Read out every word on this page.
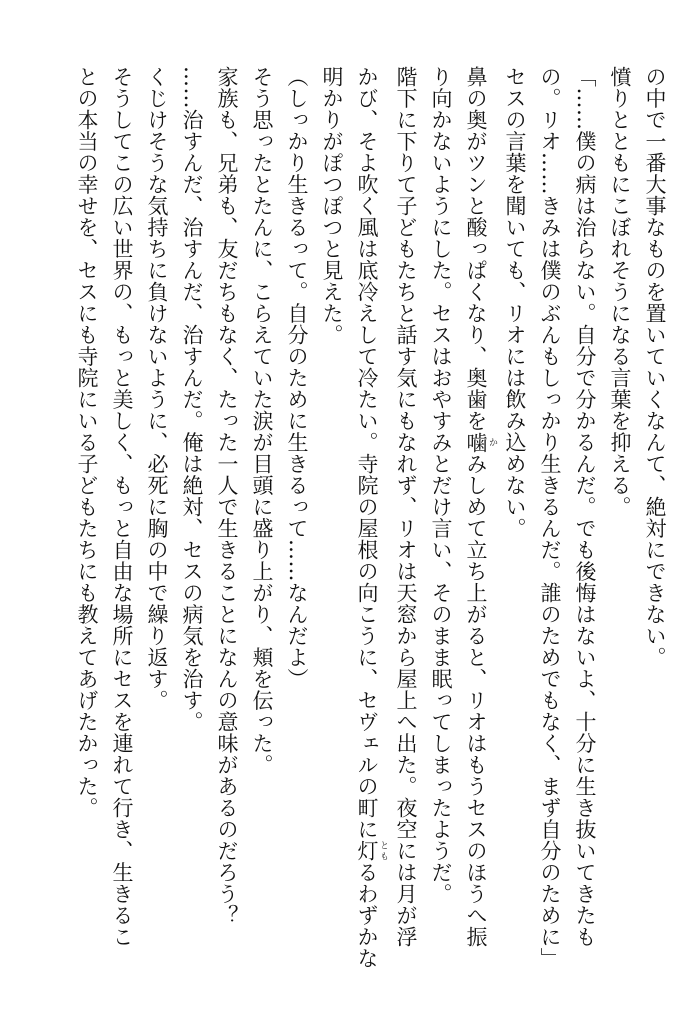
の中で一番大事なものを置いていくなんて、絶対にできない。
憤りとともにこぼれそうになる言葉を抑える。
「……僕の病は治らない。自分で分かるんだ。でも後悔はないよ、十分に生き抜いてきたも
の。リオ……きみは僕のぶんもしっかり生きるんだ。誰のためでもなく、まず自分のために」
セスの言葉を聞いても、リオには飲み込めない。
鼻の奥がツンと酸っぱくなり、奥歯を噛 かみしめて立ち上がると、リオはもうセスのほうへ振
り向かないようにした。セスはおやすみとだけ言い、そのまま眠ってしまったようだ。
階下に下りて子どもたちと話す気にもなれず、リオは天窓から屋上へ出た。夜空には月が浮
かび、そよ吹く風は底冷えして冷たい。寺院の屋根の向こうに、セヴェルの町に灯 ともるわずかな
明かりがぽつぽつと見えた。
（しっかり生きるって。自分のために生きるって……なんだよ）
そう思ったとたんに、こらえていた涙が目頭に盛り上がり、頬を伝った。
家族も、兄弟も、友だちもなく、たった一人で生きることになんの意味があるのだろう？
……治すんだ、治すんだ、治すんだ。俺は絶対、セスの病気を治す。
くじけそうな気持ちに負けないように、必死に胸の中で繰り返す。
そうしてこの広い世界の、もっと美しく、もっと自由な場所にセスを連れて行き、生きるこ
との本当の幸せを、セスにも寺院にいる子どもたちにも教えてあげたかった。
